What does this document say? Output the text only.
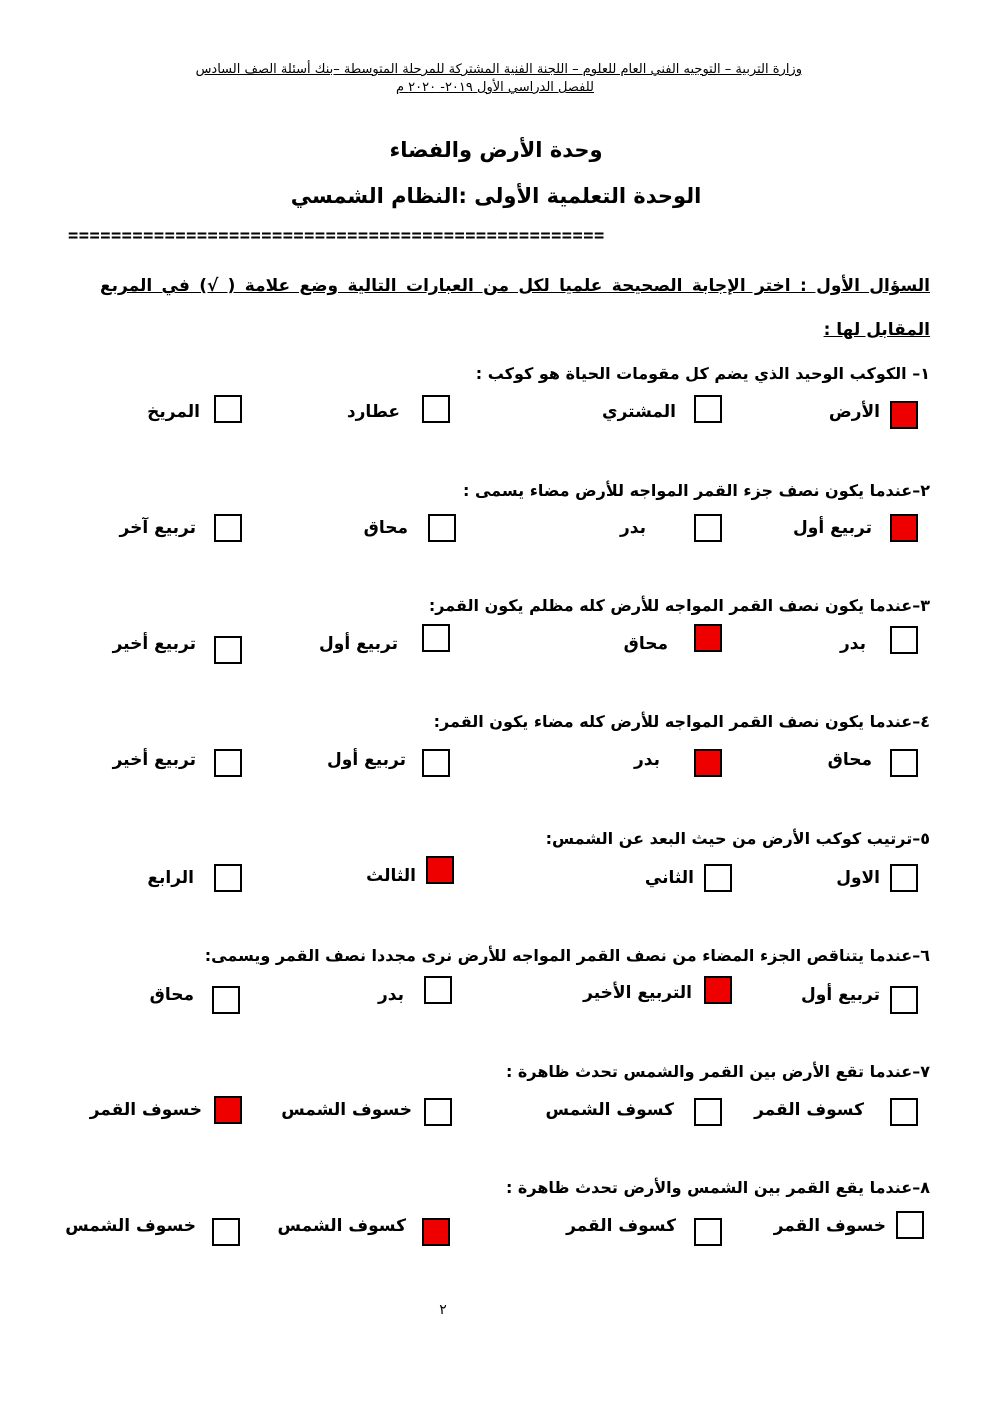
وزارة التربية – التوجيه الفني العام للعلوم – اللجنة الفنية المشتركة للمرحلة المتوسطة –بنك أسئلة الصف السادس
للفصل الدراسي الأول ٢٠١٩- ٢٠٢٠ م
وحدة الأرض والفضاء
الوحدة التعلمية الأولى :النظام الشمسي
==================================================
السؤال الأول : اختر الإجابة الصحيحة علميا لكل من العبارات التالية وضع علامة ( √) في المربع
المقابل لها :
١– الكوكب الوحيد الذي يضم كل مقومات الحياة هو كوكب :
الأرض
المشتري
عطارد
المريخ
٢–عندما يكون نصف جزء القمر المواجه للأرض مضاء يسمى :
تربيع أول
بدر
محاق
تربيع آخر
٣–عندما يكون نصف القمر المواجه للأرض كله مظلم يكون القمر:
بدر
محاق
تربيع أول
تربيع أخير
٤–عندما يكون نصف القمر المواجه للأرض كله مضاء يكون القمر:
محاق
بدر
تربيع أول
تربيع أخير
٥–ترتيب كوكب الأرض من حيث البعد عن الشمس:
الاول
الثاني
الثالث
الرابع
٦–عندما يتناقص الجزء المضاء من نصف القمر المواجه للأرض نرى مجددا نصف القمر ويسمى:
تربيع أول
التربيع الأخير
بدر
محاق
٧–عندما تقع الأرض بين القمر والشمس تحدث ظاهرة :
كسوف القمر
كسوف الشمس
خسوف الشمس
خسوف القمر
٨–عندما يقع القمر بين الشمس والأرض تحدث ظاهرة :
خسوف القمر
كسوف القمر
كسوف الشمس
خسوف الشمس
٢
